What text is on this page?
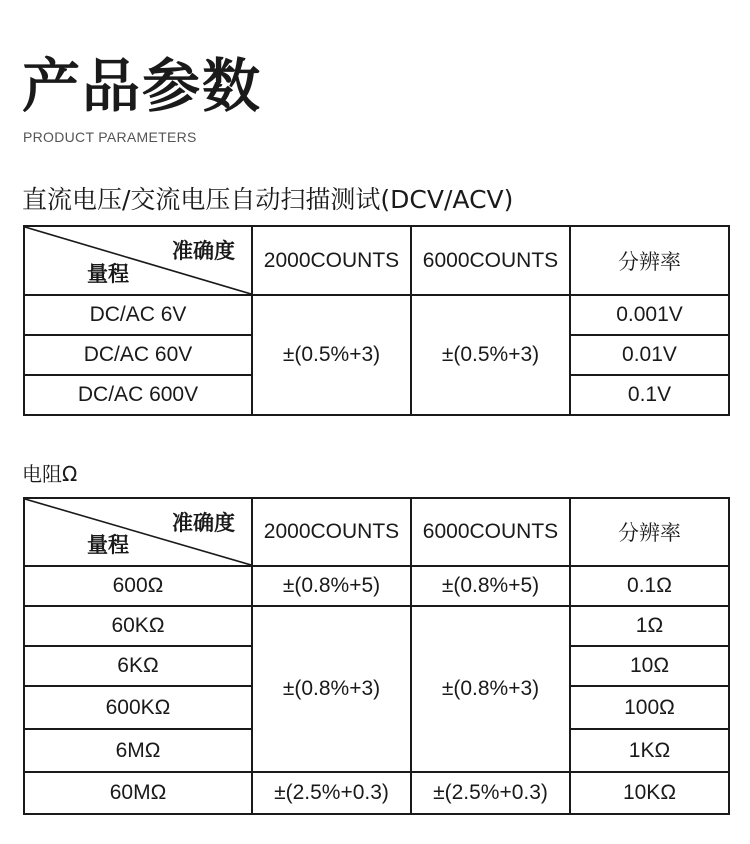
产品参数
PRODUCT PARAMETERS
直流电压/交流电压自动扫描测试(DCV/ACV)
准确度
量程	2000COUNTS	6000COUNTS	分辨率
DC/AC 6V	±(0.5%+3)	±(0.5%+3)	0.001V
DC/AC 60V			0.01V
DC/AC 600V			0.1V
电阻Ω
准确度
量程	2000COUNTS	6000COUNTS	分辨率
600Ω	±(0.8%+5)	±(0.8%+5)	0.1Ω
60KΩ	±(0.8%+3)	±(0.8%+3)	1Ω
6KΩ			10Ω
600KΩ			100Ω
6MΩ			1KΩ
60MΩ	±(2.5%+0.3)	±(2.5%+0.3)	10KΩ
